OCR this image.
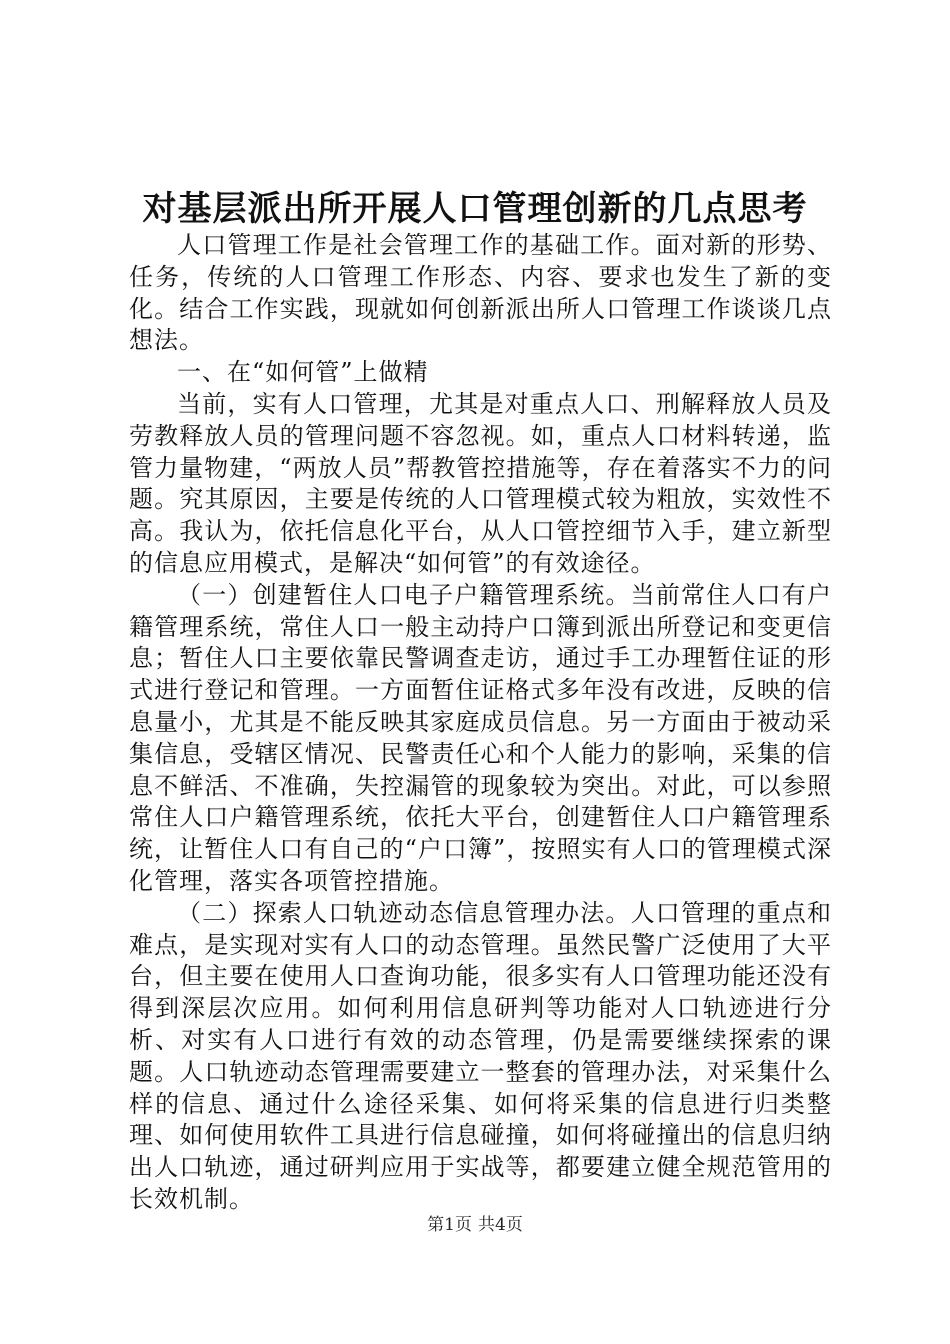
对基层派出所开展人口管理创新的几点思考

人口管理工作是社会管理工作的基础工作。面对新的形势、任务，传统的人口管理工作形态、内容、要求也发生了新的变化。结合工作实践，现就如何创新派出所人口管理工作谈谈几点想法。

一、在“如何管”上做精

当前，实有人口管理，尤其是对重点人口、刑解释放人员及劳教释放人员的管理问题不容忽视。如，重点人口材料转递，监管力量物建，“两放人员”帮教管控措施等，存在着落实不力的问题。究其原因，主要是传统的人口管理模式较为粗放，实效性不高。我认为，依托信息化平台，从人口管控细节入手，建立新型的信息应用模式，是解决“如何管”的有效途径。

（一）创建暂住人口电子户籍管理系统。当前常住人口有户籍管理系统，常住人口一般主动持户口簿到派出所登记和变更信息；暂住人口主要依靠民警调查走访，通过手工办理暂住证的形式进行登记和管理。一方面暂住证格式多年没有改进，反映的信息量小，尤其是不能反映其家庭成员信息。另一方面由于被动采集信息，受辖区情况、民警责任心和个人能力的影响，采集的信息不鲜活、不准确，失控漏管的现象较为突出。对此，可以参照常住人口户籍管理系统，依托大平台，创建暂住人口户籍管理系统，让暂住人口有自己的“户口簿”，按照实有人口的管理模式深化管理，落实各项管控措施。

（二）探索人口轨迹动态信息管理办法。人口管理的重点和难点，是实现对实有人口的动态管理。虽然民警广泛使用了大平台，但主要在使用人口查询功能，很多实有人口管理功能还没有得到深层次应用。如何利用信息研判等功能对人口轨迹进行分析、对实有人口进行有效的动态管理，仍是需要继续探索的课题。人口轨迹动态管理需要建立一整套的管理办法，对采集什么样的信息、通过什么途径采集、如何将采集的信息进行归类整理、如何使用软件工具进行信息碰撞，如何将碰撞出的信息归纳出人口轨迹，通过研判应用于实战等，都要建立健全规范管用的长效机制。

第1页 共4页
